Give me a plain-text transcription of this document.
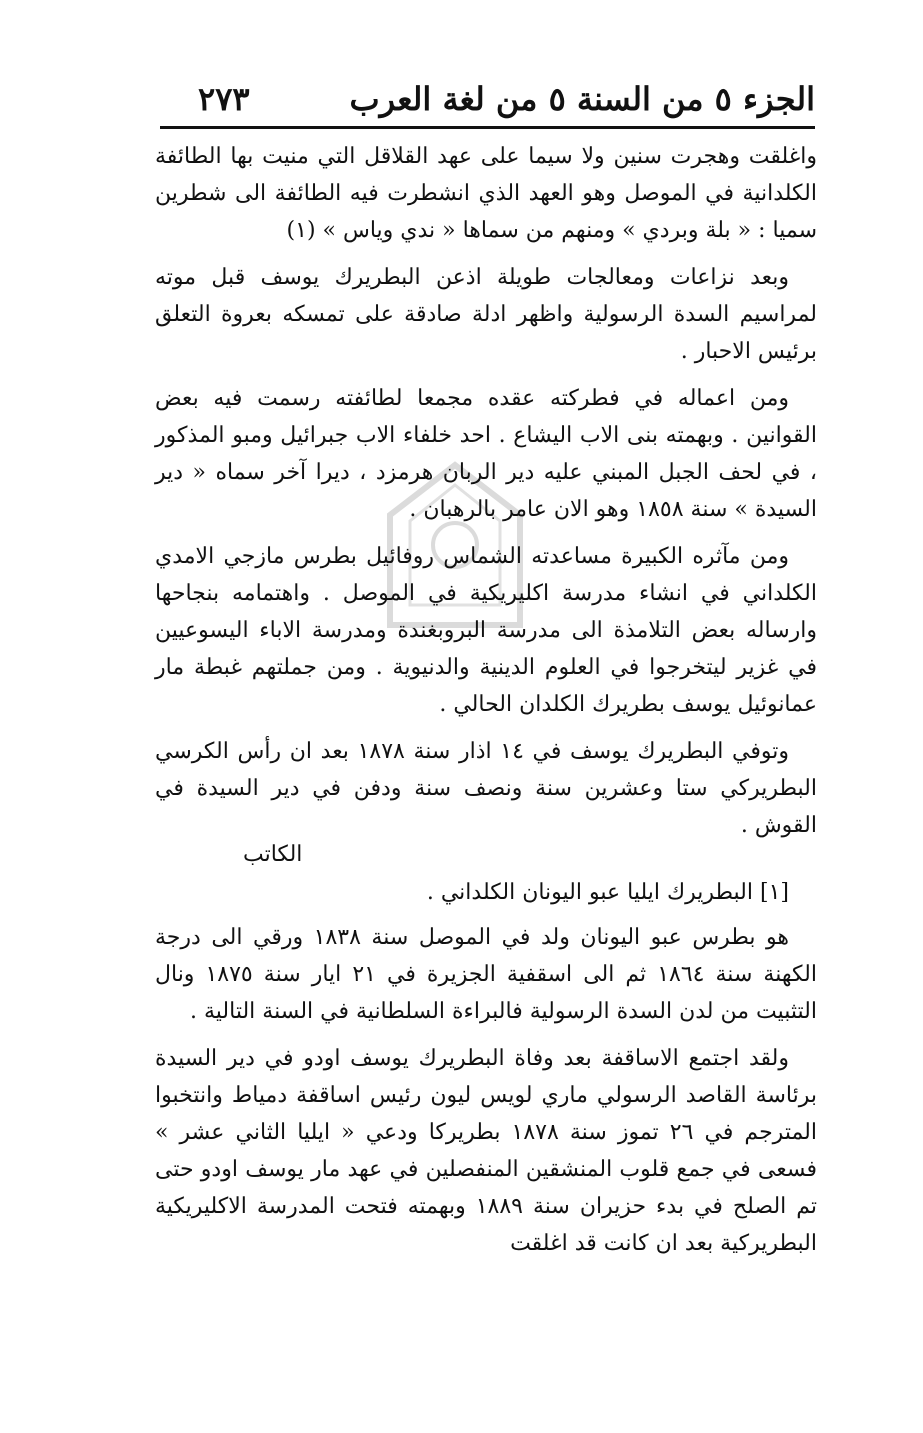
الجزء ٥ من السنة ٥ من لغة العرب
٢٧٣

واغلقت وهجرت سنين ولا سيما على عهد القلاقل التي منيت بها الطائفة الكلدانية في الموصل وهو العهد الذي انشطرت فيه الطائفة الى شطرين سميا : « بلة وبردي » ومنهم من سماها « ندي وياس » (١)

وبعد نزاعات ومعالجات طويلة اذعن البطريرك يوسف قبل موته لمراسيم السدة الرسولية واظهر ادلة صادقة على تمسكه بعروة التعلق برئيس الاحبار .

ومن اعماله في فطركته عقده مجمعا لطائفته رسمت فيه بعض القوانين . وبهمته بنى الاب اليشاع . احد خلفاء الاب جبرائيل ومبو المذكور ، في لحف الجبل المبني عليه دير الربان هرمزد ، ديرا آخر سماه « دير السيدة » سنة ١٨٥٨ وهو الان عامر بالرهبان .

ومن مآثره الكبيرة مساعدته الشماس روفائيل بطرس مازجي الامدي الكلداني في انشاء مدرسة اكليريكية في الموصل . واهتمامه بنجاحها وارساله بعض التلامذة الى مدرسة البروبغندة ومدرسة الاباء اليسوعيين في غزير ليتخرجوا في العلوم الدينية والدنيوية . ومن جملتهم غبطة مار عمانوئيل يوسف بطريرك الكلدان الحالي .

وتوفي البطريرك يوسف في ١٤ اذار سنة ١٨٧٨ بعد ان رأس الكرسي البطريركي ستا وعشرين سنة ونصف سنة ودفن في دير السيدة في القوش .

الكاتب

[١] البطريرك ايليا عبو اليونان الكلداني .

هو بطرس عبو اليونان ولد في الموصل سنة ١٨٣٨ ورقي الى درجة الكهنة سنة ١٨٦٤ ثم الى اسقفية الجزيرة في ٢١ ايار سنة ١٨٧٥ ونال التثبيت من لدن السدة الرسولية فالبراءة السلطانية في السنة التالية .

ولقد اجتمع الاساقفة بعد وفاة البطريرك يوسف اودو في دير السيدة برئاسة القاصد الرسولي ماري لويس ليون رئيس اساقفة دمياط وانتخبوا المترجم في ٢٦ تموز سنة ١٨٧٨ بطريركا ودعي « ايليا الثاني عشر » فسعى في جمع قلوب المنشقين المنفصلين في عهد مار يوسف اودو حتى تم الصلح في بدء حزيران سنة ١٨٨٩ وبهمته فتحت المدرسة الاكليريكية البطريركية بعد ان كانت قد اغلقت
